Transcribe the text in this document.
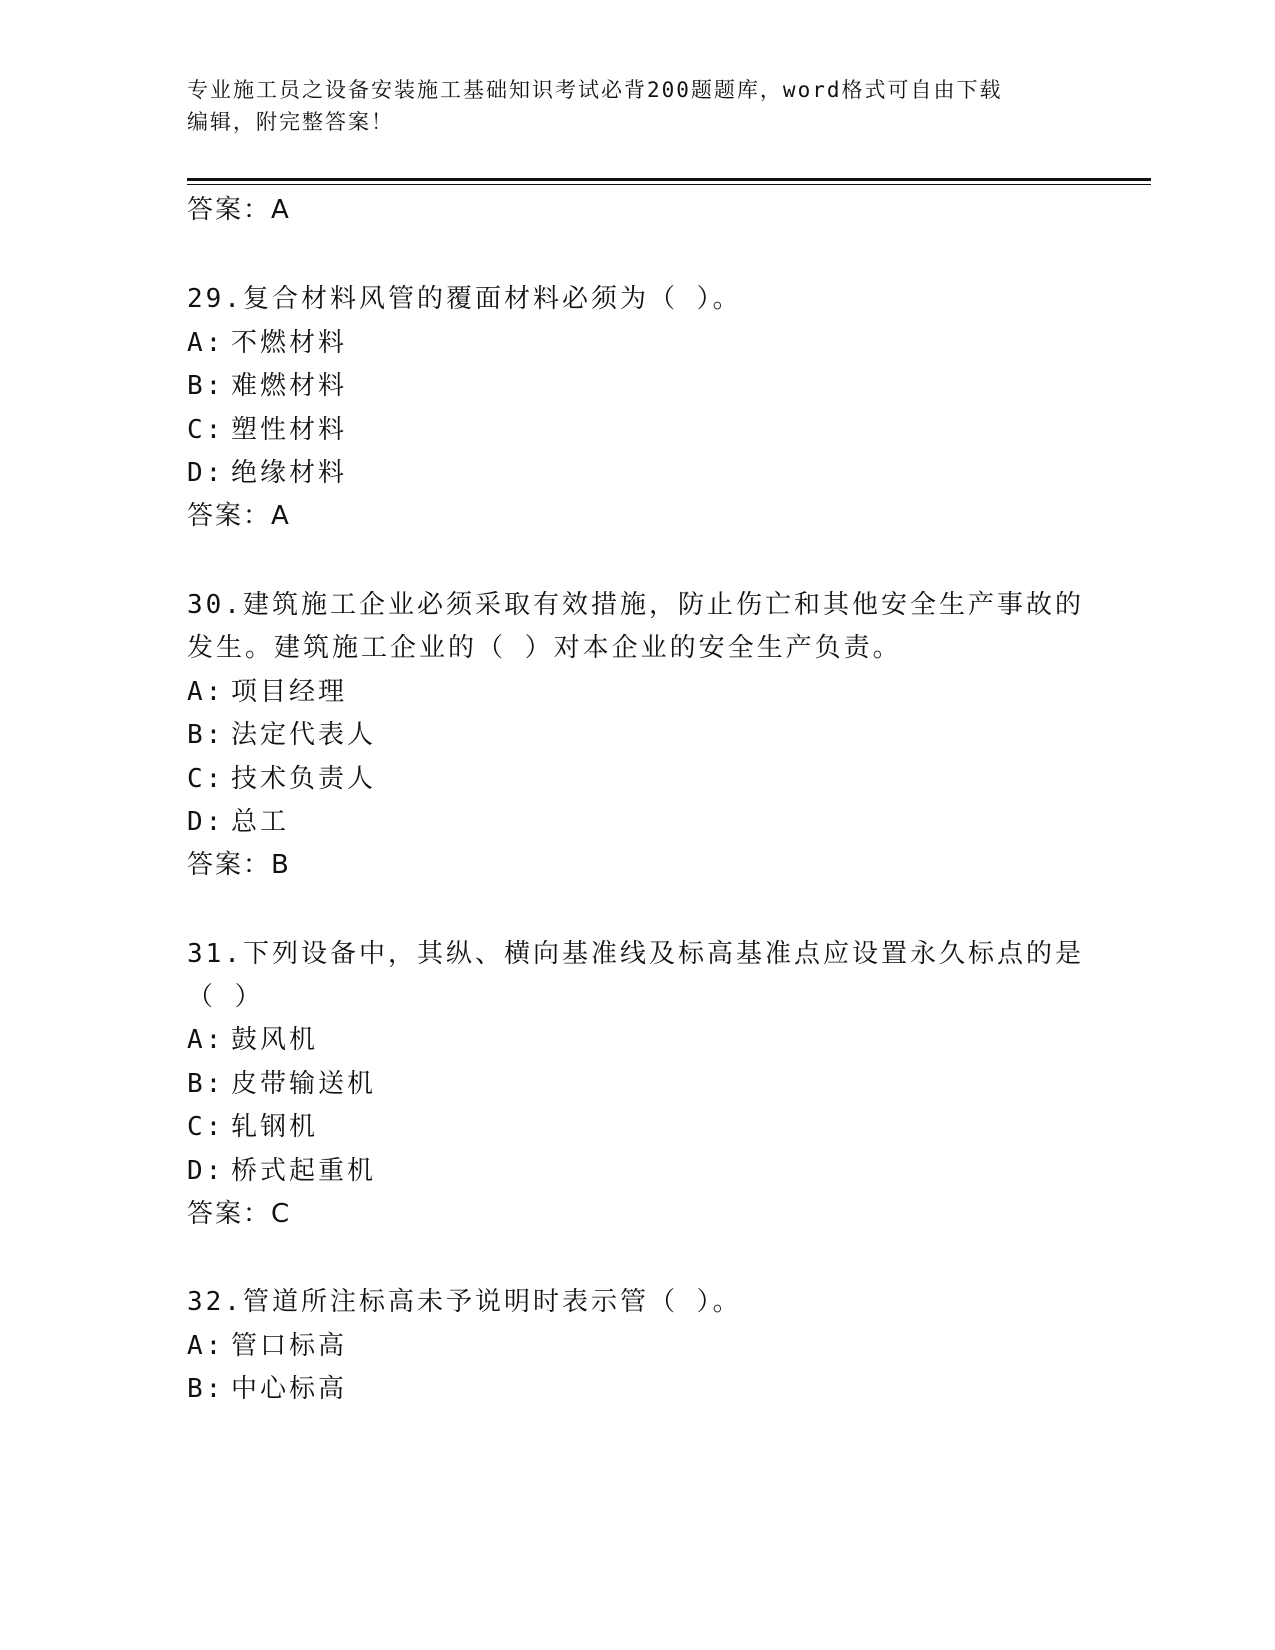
专业施工员之设备安装施工基础知识考试必背200题题库，word格式可自由下载
编辑，附完整答案！
答案：A
29.复合材料风管的覆面材料必须为（ ）。
A: 不燃材料
B: 难燃材料
C: 塑性材料
D: 绝缘材料
答案：A
30.建筑施工企业必须采取有效措施，防止伤亡和其他安全生产事故的
发生。建筑施工企业的（ ）对本企业的安全生产负责。
A: 项目经理
B: 法定代表人
C: 技术负责人
D: 总工
答案：B
31.下列设备中，其纵、横向基准线及标高基准点应设置永久标点的是
（ ）
A: 鼓风机
B: 皮带输送机
C: 轧钢机
D: 桥式起重机
答案：C
32.管道所注标高未予说明时表示管（ ）。
A: 管口标高
B: 中心标高
